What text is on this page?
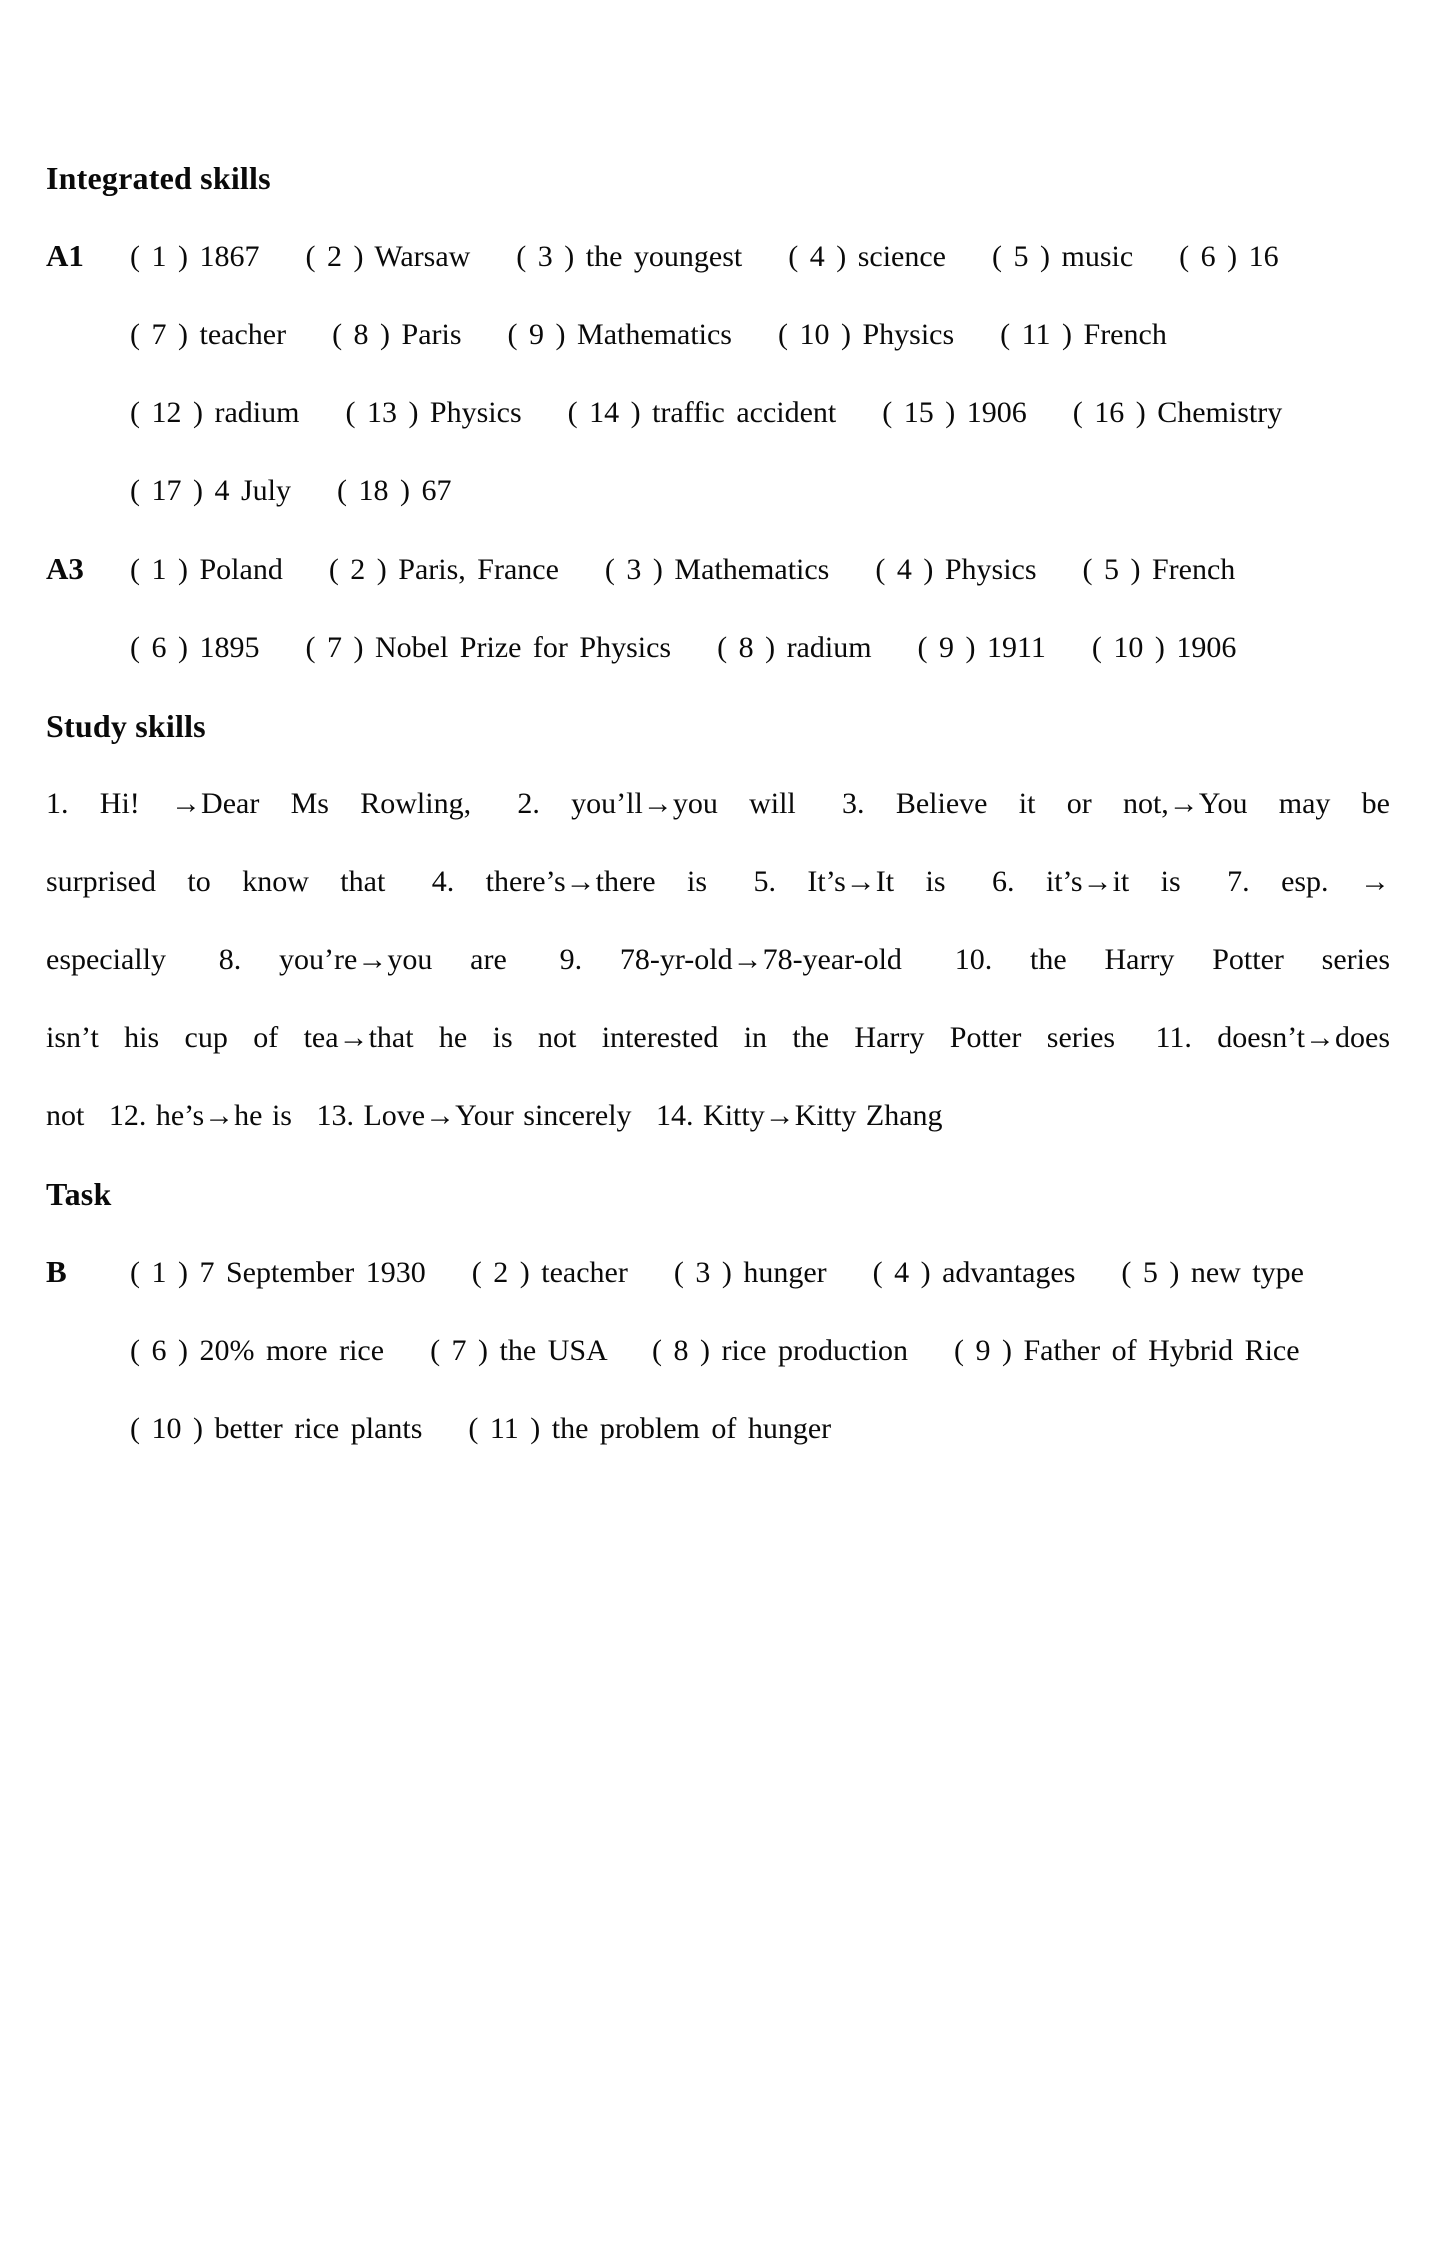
Integrated skills
A1	( 1 ) 1867    ( 2 ) Warsaw    ( 3 ) the youngest    ( 4 ) science    ( 5 ) music    ( 6 ) 16
( 7 ) teacher    ( 8 ) Paris    ( 9 ) Mathematics    ( 10 ) Physics    ( 11 ) French
( 12 ) radium    ( 13 ) Physics    ( 14 ) traffic accident    ( 15 ) 1906    ( 16 ) Chemistry
( 17 ) 4 July    ( 18 ) 67
A3	( 1 ) Poland    ( 2 ) Paris, France    ( 3 ) Mathematics    ( 4 ) Physics    ( 5 ) French
( 6 ) 1895    ( 7 ) Nobel Prize for Physics    ( 8 ) radium    ( 9 ) 1911    ( 10 ) 1906
Study skills
1. Hi! →Dear Ms Rowling,  2. you’ll→you will  3. Believe it or not,→You may be
surprised to know that  4. there’s→there is  5. It’s→It is  6. it’s→it is  7. esp. →
especially  8. you’re→you are  9. 78-yr-old→78-year-old  10. the Harry Potter series
isn’t his cup of tea→that he is not interested in the Harry Potter series  11. doesn’t→does
not  12. he’s→he is  13. Love→Your sincerely  14. Kitty→Kitty Zhang
Task
B	( 1 ) 7 September 1930    ( 2 ) teacher    ( 3 ) hunger    ( 4 ) advantages    ( 5 ) new type
( 6 ) 20% more rice    ( 7 ) the USA    ( 8 ) rice production    ( 9 ) Father of Hybrid Rice
( 10 ) better rice plants    ( 11 ) the problem of hunger
